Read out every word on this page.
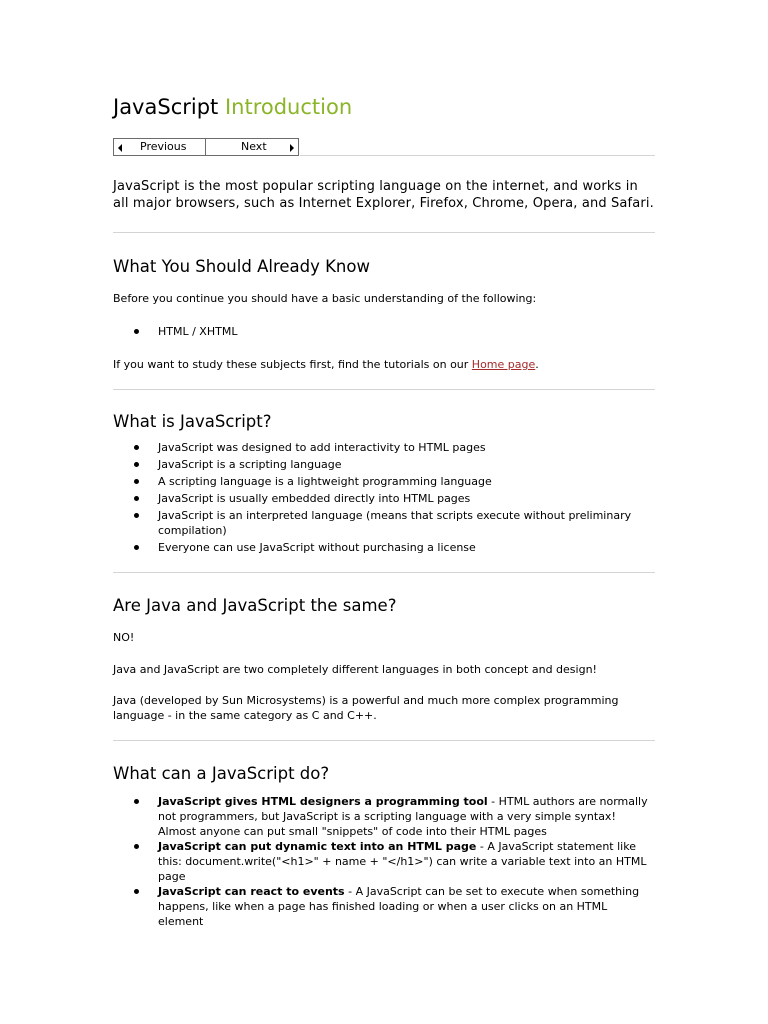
JavaScript Introduction
Previous	Next

JavaScript is the most popular scripting language on the internet, and works in all major browsers, such as Internet Explorer, Firefox, Chrome, Opera, and Safari.

What You Should Already Know

Before you continue you should have a basic understanding of the following:

HTML / XHTML

If you want to study these subjects first, find the tutorials on our Home page.

What is JavaScript?
JavaScript was designed to add interactivity to HTML pages
JavaScript is a scripting language
A scripting language is a lightweight programming language
JavaScript is usually embedded directly into HTML pages
JavaScript is an interpreted language (means that scripts execute without preliminary compilation)
Everyone can use JavaScript without purchasing a license
Are Java and JavaScript the same?

NO!

Java and JavaScript are two completely different languages in both concept and design!

Java (developed by Sun Microsystems) is a powerful and much more complex programming language - in the same category as C and C++.

What can a JavaScript do?
JavaScript gives HTML designers a programming tool - HTML authors are normally not programmers, but JavaScript is a scripting language with a very simple syntax! Almost anyone can put small "snippets" of code into their HTML pages
JavaScript can put dynamic text into an HTML page - A JavaScript statement like this: document.write("<h1>" + name + "</h1>") can write a variable text into an HTML page
JavaScript can react to events - A JavaScript can be set to execute when something happens, like when a page has finished loading or when a user clicks on an HTML element
